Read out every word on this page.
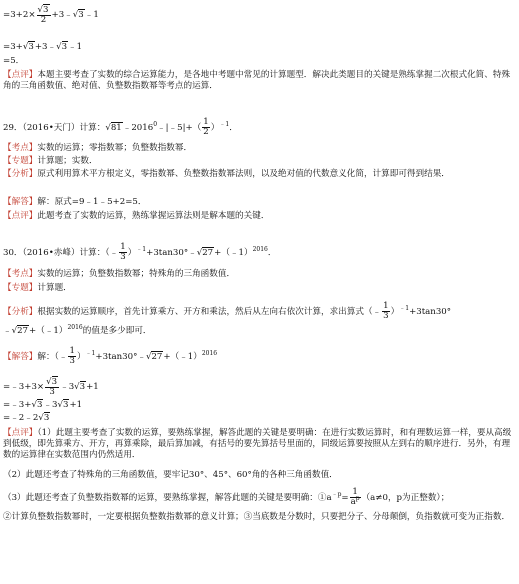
$=3+2\times \frac{√3}{2}$ +3﹣√3﹣1
=3+√3+3﹣√3﹣1
=5．
【点评】本题主要考查了实数的综合运算能力，是各地中考题中常见的计算题型．解决此类题目的关键是熟练掌握二次根式化简、特殊角的三角函数值、绝对值、负整数指数幂等考点的运算．
29．（2016•天门）计算：$√81﹣2016^0﹣|﹣5|+( \frac{1}{2} )^{﹣1}$．
【考点】实数的运算；零指数幂；负整数指数幂．
【专题】计算题；实数．
【分析】原式利用算术平方根定义，零指数幂、负整数指数幂法则，以及绝对值的代数意义化简，计算即可得到结果．
【解答】解：原式=9﹣1﹣5+2=5．
【点评】此题考查了实数的运算，熟练掌握运算法则是解本题的关键．
30．（2016•赤峰）计算：（﹣ $\frac{1}{3}$ ）$^{﹣1}$+3tan30°﹣√27+（﹣1）$^{2016}$．
【考点】实数的运算；负整数指数幂；特殊角的三角函数值．
【专题】计算题．
【分析】根据实数的运算顺序，首先计算乘方、开方和乘法，然后从左向右依次计算，求出算式（﹣ $\frac{1}{3} )^{﹣1}+3\tan 30^\circ$
﹣√27+（﹣1）$^{2016}$的值是多少即可．
【解答】解：（﹣ $\frac{1}{3}$ ）$^{﹣1}$+3tan30°﹣√27+（﹣1）$^{2016}$
=﹣3+3× $\frac{√3}{3}$ ﹣3√3+1
=﹣3+√3﹣3√3+1
=﹣2﹣2√3
【点评】（1）此题主要考查了实数的运算，要熟练掌握，解答此题的关键是要明确：在进行实数运算时，和有理数运算一样，要从高级到低级，即先算乘方、开方，再算乘除，最后算加减，有括号的要先算括号里面的，同级运算要按照从左到右的顺序进行．另外，有理数的运算律在实数范围内仍然适用．
（2）此题还考查了特殊角的三角函数值，要牢记30°、45°、60°角的各种三角函数值．
（3）此题还考查了负整数指数幂的运算，要熟练掌握，解答此题的关键是要明确：$①a^{﹣p}= \frac{1}{a^p} (a\ne 0$，p为正整数）；
②计算负整数指数幂时，一定要根据负整数指数幂的意义计算；③当底数是分数时，只要把分子、分母颠倒，负指数就可变为正指数．
